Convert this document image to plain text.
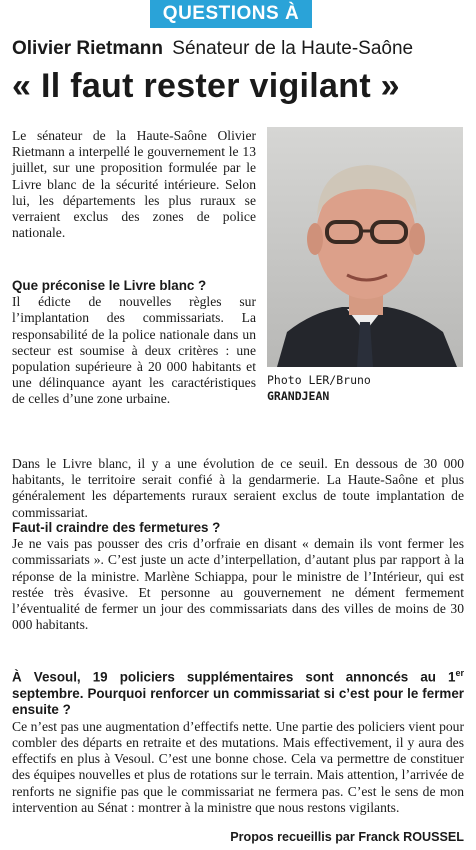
QUESTIONS À
Olivier Rietmann Sénateur de la Haute-Saône
« Il faut rester vigilant »

Le sénateur de la Haute-Saône Olivier Rietmann a interpellé le gouvernement le 13 juillet, sur une proposition formulée par le Livre blanc de la sécurité intérieure. Selon lui, les départements les plus ruraux se verraient exclus des zones de police nationale.

Que préconise le Livre blanc ?

Il édicte de nouvelles règles sur l’implantation des commissariats. La responsabilité de la police nationale dans un secteur est soumise à deux critères : une population supérieure à 20 000 habitants et une délinquance ayant les caractéristiques de celles d’une zone urbaine.

Photo LER/Bruno
GRANDJEAN

Dans le Livre blanc, il y a une évolution de ce seuil. En dessous de 30 000 habitants, le territoire serait confié à la gendarmerie. La Haute-Saône et plus généralement les départements ruraux seraient exclus de toute implantation de commissariat.

Faut-il craindre des fermetures ?

Je ne vais pas pousser des cris d’orfraie en disant « demain ils vont fermer les commissariats ». C’est juste un acte d’interpellation, d’autant plus par rapport à la réponse de la ministre. Marlène Schiappa, pour le ministre de l’Intérieur, qui est restée très évasive. Et personne au gouvernement ne dément fermement l’éventualité de fermer un jour des commissariats dans des villes de moins de 30 000 habitants.

À Vesoul, 19 policiers supplémentaires sont annoncés au 1er septembre. Pourquoi renforcer un commissariat si c’est pour le fermer ensuite ?

Ce n’est pas une augmentation d’effectifs nette. Une partie des policiers vient pour combler des départs en retraite et des mutations. Mais effectivement, il y aura des effectifs en plus à Vesoul. C’est une bonne chose. Cela va permettre de constituer des équipes nouvelles et plus de rotations sur le terrain. Mais attention, l’arrivée de renforts ne signifie pas que le commissariat ne fermera pas. C’est le sens de mon intervention au Sénat : montrer à la ministre que nous restons vigilants.

Propos recueillis par Franck ROUSSEL
